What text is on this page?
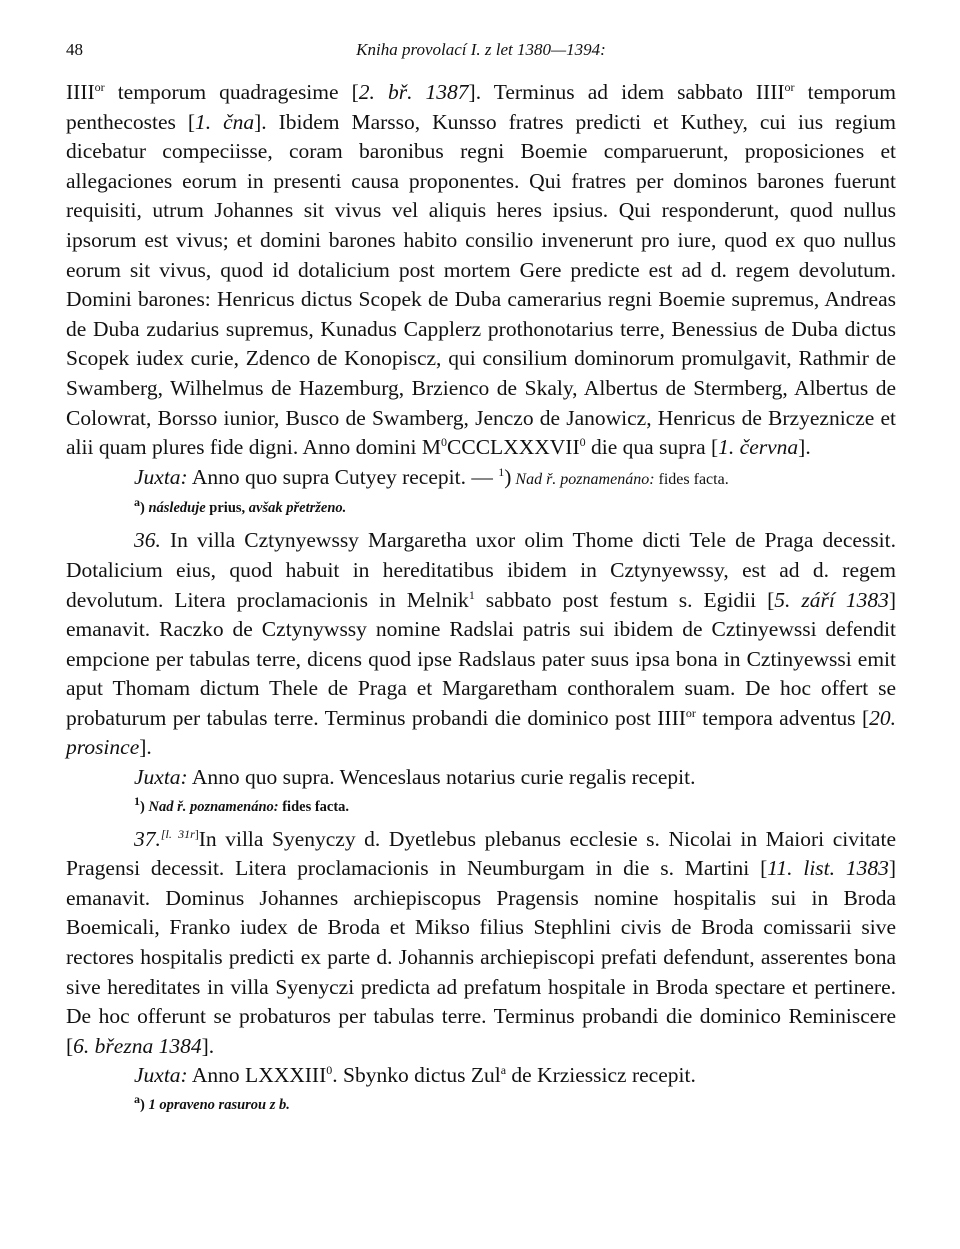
48	Kniha provolací I. z let 1380—1394:

$IIII^{or}$ temporum quadragesime [2. bř. 1387]. Terminus ad idem sabbato $IIII^{or}$ temporum penthecostes [1. čna]. Ibidem Marsso, Kunsso fratres predicti et Kuthey, cui ius regium dicebatur compeciisse, coram baronibus regni Boemie comparuerunt, proposiciones et allegaciones eorum in presenti causa proponentes. Qui fratres per dominos barones fuerunt requisiti, utrum Johannes sit vivus vel aliquis heres ipsius. Qui responderunt, quod nullus ipsorum est vivus; et domini barones habito consilio invenerunt pro iure, quod ex quo nullus eorum sit vivus, quod id dotalicium post mortem Gere predicte est ad d. regem devolutum. Domini barones: Henricus dictus Scopek de Duba camerarius regni Boemie supremus, Andreas de Duba zudarius supremus, Kunadus Capplerz prothonotarius terre, Benessius de Duba dictus Scopek iudex curie, Zdenco de Konopiscz, qui consilium dominorum promulgavit, Rathmir de Swamberg, Wilhelmus de Hazemburg, Brzienco de Skaly, Albertus de Stermberg, Albertus de Colowrat, Borsso iunior, Busco de Swamberg, Jenczo de Janowicz, Henricus de Brzyeznicze et alii quam plures fide digni. Anno domini $M^0CCCLXXXVII^0$ die qua supra [1. června].

Juxta: Anno quo supra Cutyey recepit. — $^1$) Nad ř. poznamenáno: fides facta.

$^a$) následuje prius, avšak přetrženo.

36. In villa Cztynyewssy Margaretha uxor olim Thome dicti Tele de Praga decessit. Dotalicium eius, quod habuit in hereditatibus ibidem in Cztynyewssy, est ad d. regem devolutum. Litera proclamacionis in Melnik$^1$ sabbato post festum s. Egidii [5. září 1383] emanavit. Raczko de Cztynywssy nomine Radslai patris sui ibidem de Cztinyewssi defendit empcione per tabulas terre, dicens quod ipse Radslaus pater suus ipsa bona in Cztinyewssi emit aput Thomam dictum Thele de Praga et Margaretham conthoralem suam. De hoc offert se probaturum per tabulas terre. Terminus probandi die dominico post $IIII^{or}$ tempora adventus [20. prosince].

Juxta: Anno quo supra. Wenceslaus notarius curie regalis recepit.

$^1$) Nad ř. poznamenáno: fides facta.

37.[l. 31r]In villa Syenyczy d. Dyetlebus plebanus ecclesie s. Nicolai in Maiori civitate Pragensi decessit. Litera proclamacionis in Neumburgam in die s. Martini [11. list. 1383] emanavit. Dominus Johannes archiepiscopus Pragensis nomine hospitalis sui in Broda Boemicali, Franko iudex de Broda et Mikso filius Stephlini civis de Broda comissarii sive rectores hospitalis predicti ex parte d. Johannis archiepiscopi prefati defendunt, asserentes bona sive hereditates in villa Syenyczi predicta ad prefatum hospitale in Broda spectare et pertinere. De hoc offerunt se probaturos per tabulas terre. Terminus probandi die dominico Reminiscere [6. března 1384].

Juxta: Anno LXXXIII$^0$. Sbynko dictus Zul$^a$ de Krziessicz recepit.

$^a$) 1 opraveno rasurou z b.
